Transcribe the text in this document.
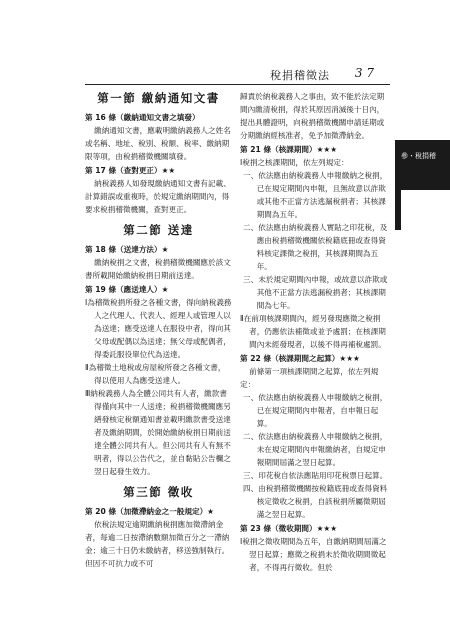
稅捐稽徵法 3 7
第一節 繳納通知文書
第 16 條（繳納通知文書之填發）
繳納通知文書，應載明繳納義務人之姓名或名稱、地址、稅別、稅額、稅率、繳納期限等項，由稅捐稽徵機關填發。
第 17 條（查對更正）★★
納稅義務人如發現繳納通知文書有記載、計算錯誤或重複時，於規定繳納期間內，得要求稅捐稽徵機關，查對更正。
第二節 送達
第 18 條（送達方法）★
繳納稅捐之文書，稅捐稽徵機關應於該文書所載開始繳納稅捐日期前送達。
第 19 條（應送達人）★
Ⅰ為稽徵稅捐所發之各種文書，得向納稅義務人之代理人、代表人、經理人或管理人以為送達；應受送達人在服役中者，得向其父母或配偶以為送達；無父母或配偶者，得委託服役單位代為送達。
Ⅱ為稽徵土地稅或房屋稅所發之各種文書，得以使用人為應受送達人。
Ⅲ納稅義務人為全體公同共有人者，繳款書得僅向其中一人送達；稅捐稽徵機關應另繕發核定稅額通知書並載明繳款書受送達者及繳納期間，於開始繳納稅捐日期前送達全體公同共有人。但公同共有人有無不明者，得以公告代之，並自黏貼公告欄之翌日起發生效力。
第三節 徵收
第 20 條（加徵滯納金之一般規定）★
依稅法規定逾期繳納稅捐應加徵滯納金者，每逾二日按滯納數額加徵百分之一滯納金；逾三十日仍未繳納者，移送強制執行。但因不可抗力或不可
歸責於納稅義務人之事由，致不能於法定期間內繳清稅捐，得於其原因消滅後十日內，提出具體證明，向稅捐稽徵機關申請延期或分期繳納經核准者，免予加徵滯納金。
第 21 條（核課期間）★★★
Ⅰ稅捐之核課期間，依左列規定：
一、依法應由納稅義務人申報繳納之稅捐，已在規定期間內申報，且無故意以詐欺或其他不正當方法逃漏稅捐者；其核課期間為五年。
二、依法應由納稅義務人實貼之印花稅，及應由稅捐稽徵機關依稅籍底冊或查得資料核定課徵之稅捐，其核課期間為五年。
三、未於規定期間內申報，或故意以詐欺或其他不正當方法逃漏稅捐者；其核課期間為七年。
Ⅱ在前項核課期間內，經另發現應徵之稅捐者，仍應依法補徵或並予處罰；在核課期間內未經發現者，以後不得再補稅處罰。
第 22 條（核課期間之起算）★★★
前條第一項核課期間之起算，依左列規定：
一、依法應由納稅義務人申報繳納之稅捐，已在規定期間內申報者，自申報日起算。
二、依法應由納稅義務人申報繳納之稅捐，未在規定期間內申報繳納者，自規定申報期間屆滿之翌日起算。
三、印花稅自依法應貼用印花稅票日起算。
四、由稅捐稽徵機關按稅籍底冊或查得資料核定徵收之稅捐，自該稅捐所屬徵期屆滿之翌日起算。
第 23 條（徵收期間）★★★
Ⅰ稅捐之徵收期間為五年，自繳納期間屆滿之翌日起算；應徵之稅捐未於徵收期間徵起者，不得再行徵收。但於
參・稅捐稽
